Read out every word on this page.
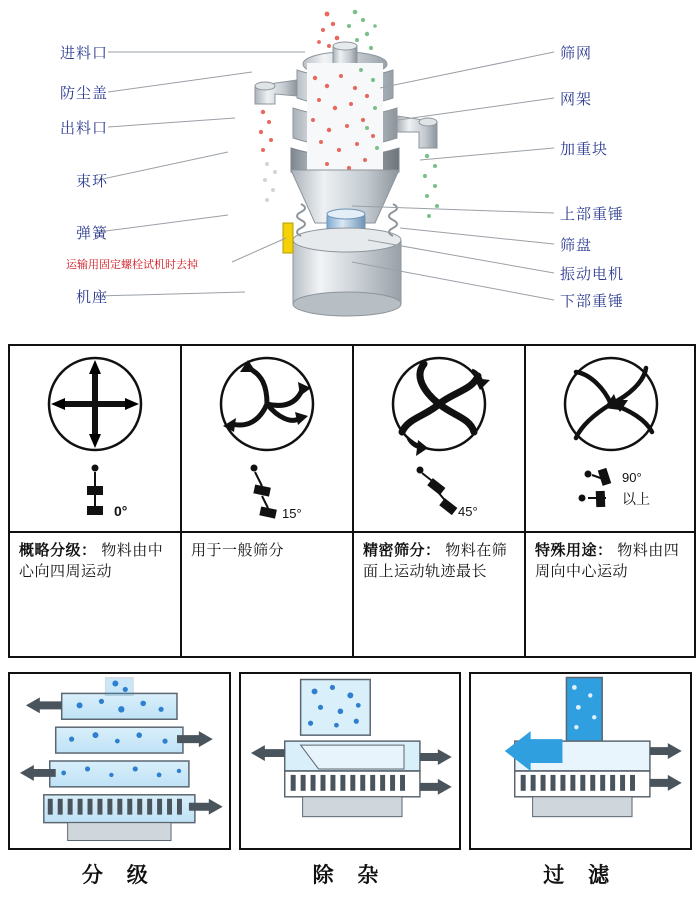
进料口
防尘盖
出料口
束环
弹簧
机座
运输用固定螺栓试机时去掉
筛网
网架
加重块
上部重锤
筛盘
振动电机
下部重锤
0°
概略分级： 物料由中心向四周运动
15°
用于一般筛分
45°
精密筛分： 物料在筛面上运动轨迹最长
90°
以上
特殊用途： 物料由四周向中心运动
分 级	除 杂	过 滤
